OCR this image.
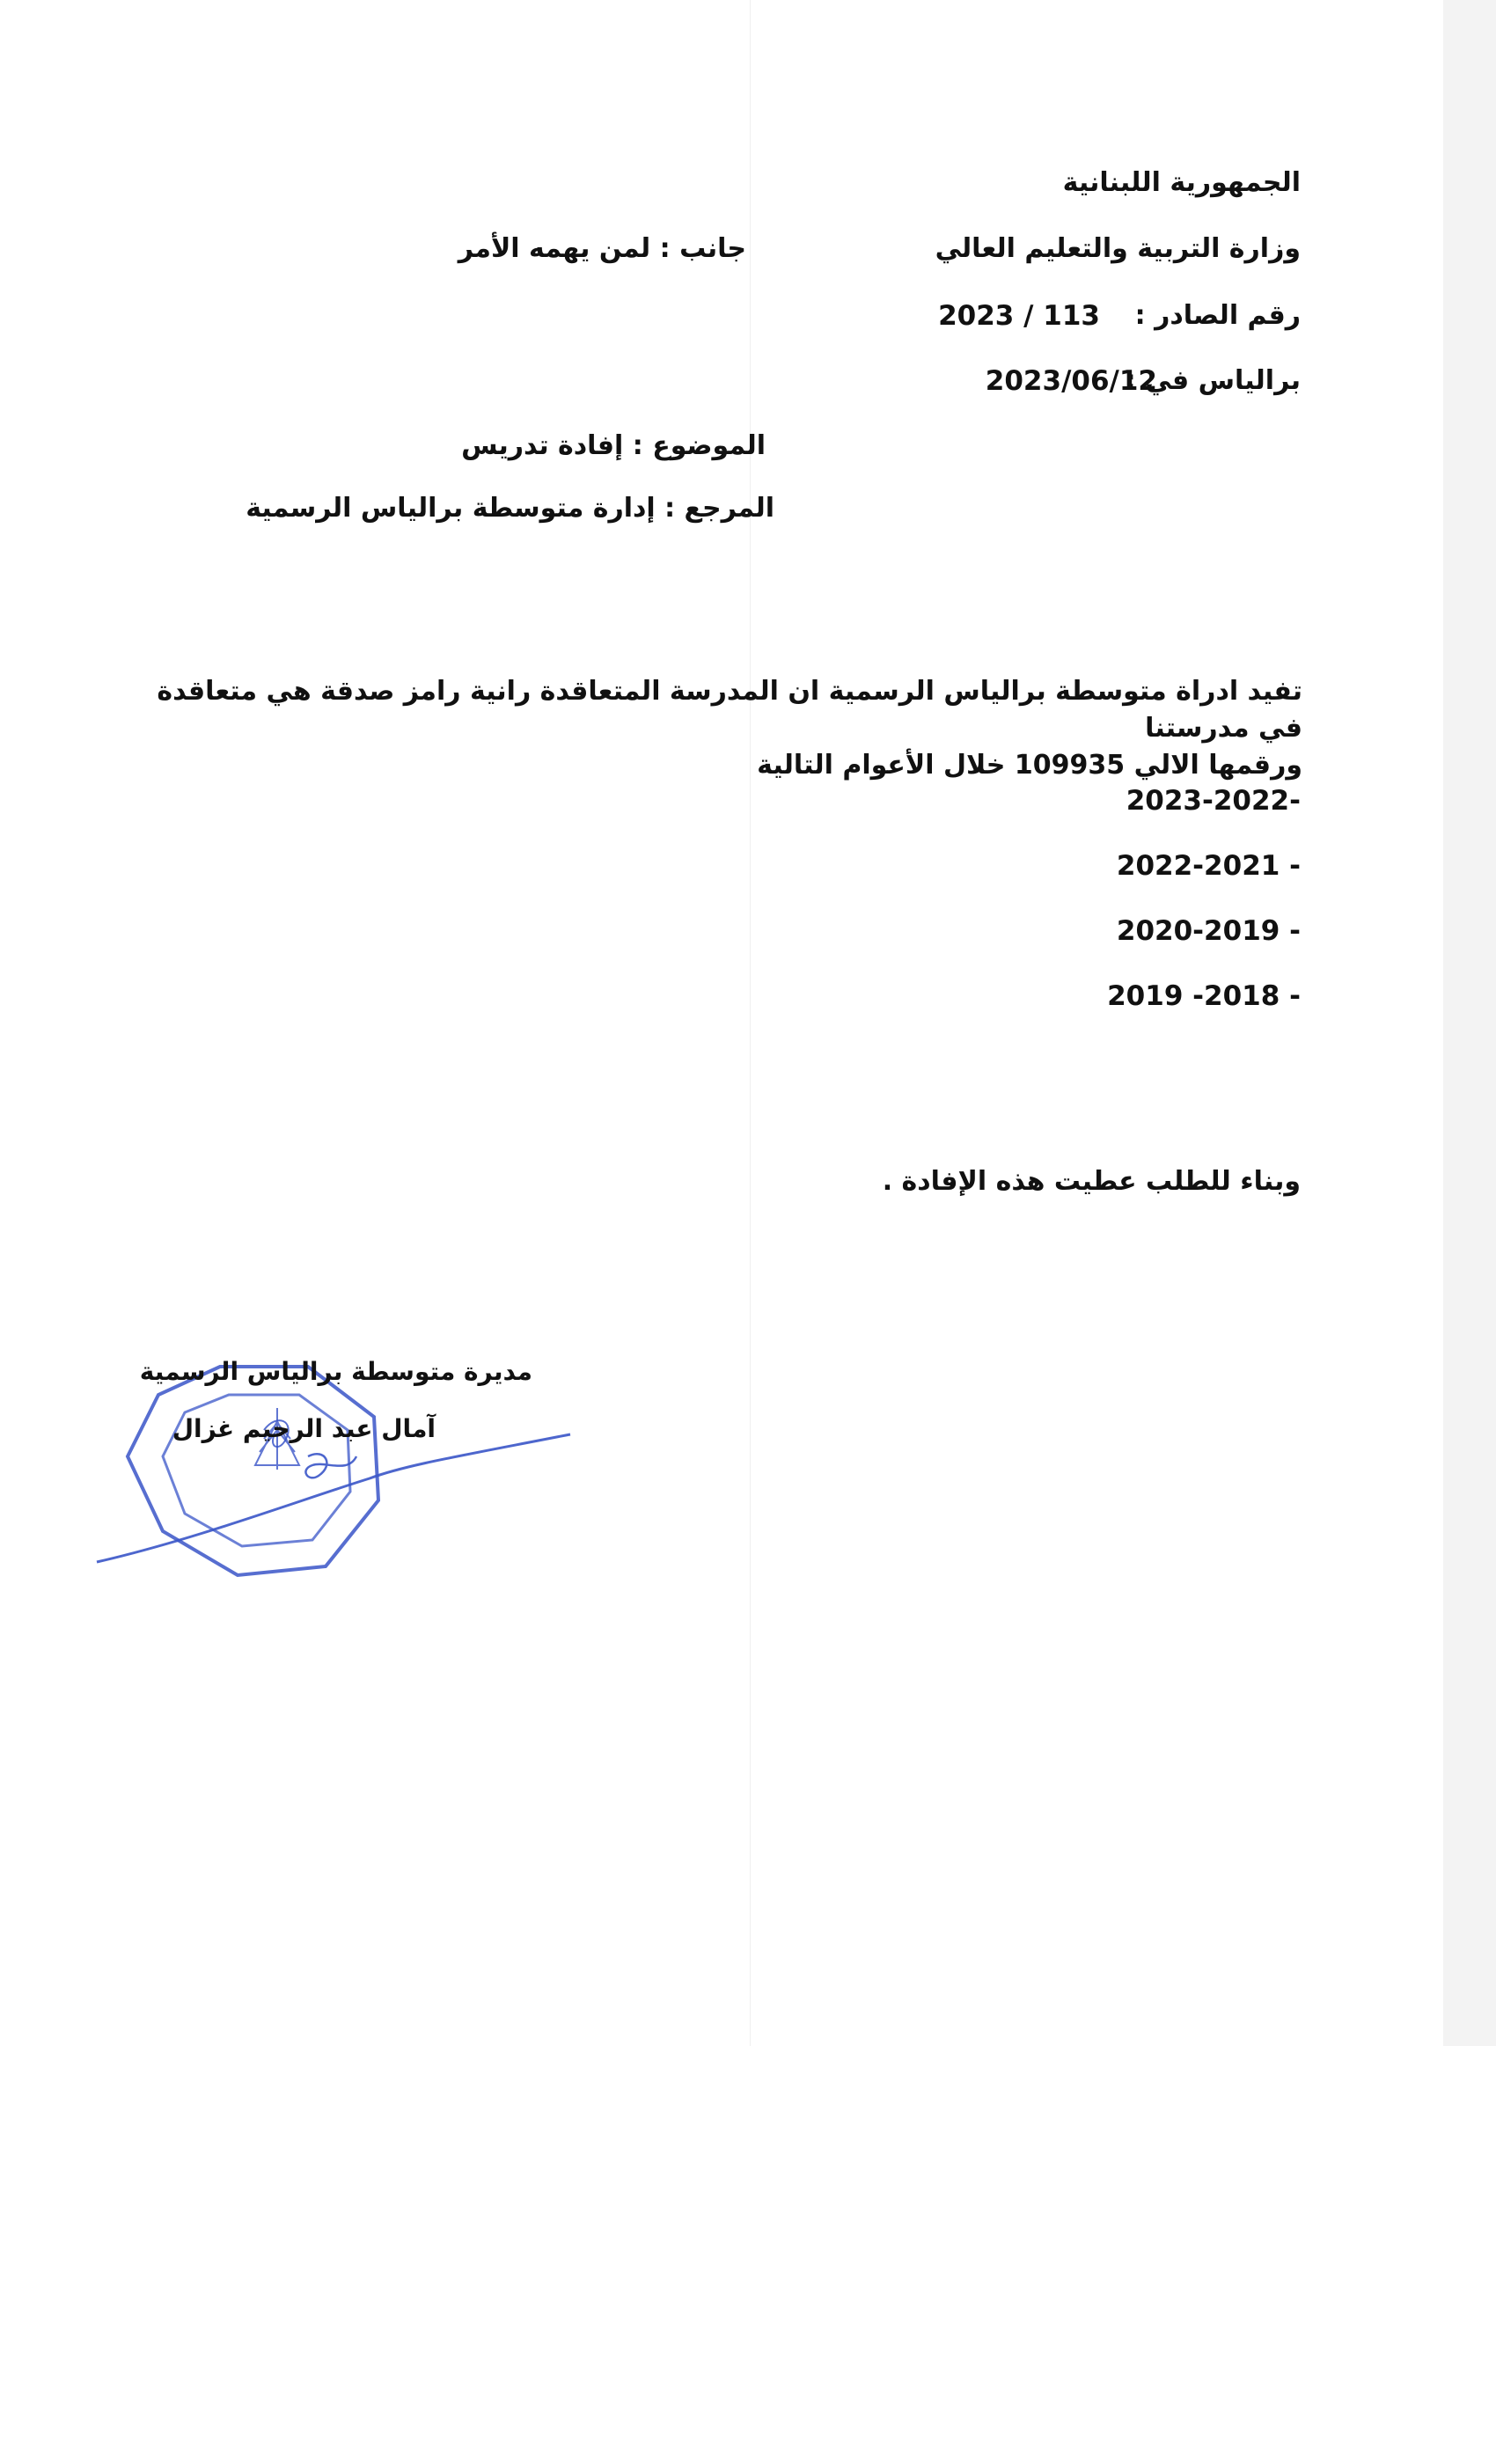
الجمهورية اللبنانية
وزارة التربية والتعليم العالي
جانب : لمن يهمه الأمر
رقم الصادر :
2023 / 113
برالياس في :
2023/06/12
الموضوع : إفادة تدريس
المرجع : إدارة متوسطة برالياس الرسمية
تفيد ادراة متوسطة برالياس الرسمية ان المدرسة المتعاقدة رانية رامز صدقة هي متعاقدة في مدرستنا
ورقمها الالي 109935 خلال الأعوام التالية
2023-2022-
2022-2021 -
2020-2019 -
2019 -2018 -
وبناء للطلب عطيت هذه الإفادة .
مديرة متوسطة برالياس الرسمية
آمال عبد الرحيم غزال
